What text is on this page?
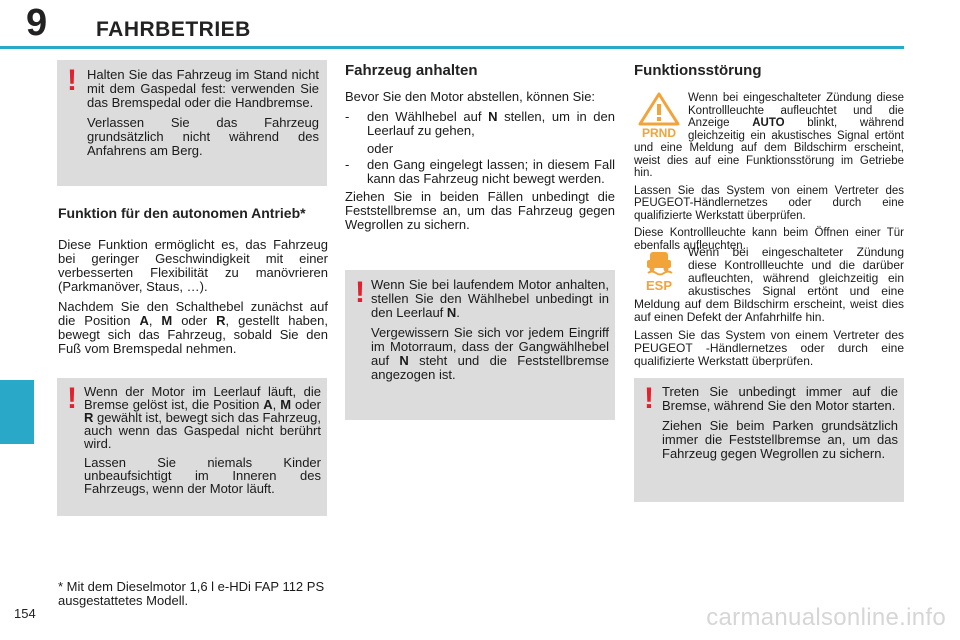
9 FAHRBETRIEB
! Halten Sie das Fahrzeug im Stand nicht mit dem Gaspedal fest: verwenden Sie das Bremspedal oder die Handbremse.

Verlassen Sie das Fahrzeug grundsätzlich nicht während des Anfahrens am Berg.

Funktion für den autonomen Antrieb*

Diese Funktion ermöglicht es, das Fahrzeug bei geringer Geschwindigkeit mit einer verbesserten Flexibilität zu manövrieren (Parkmanöver, Staus, …).

Nachdem Sie den Schalthebel zunächst auf die Position A, M oder R, gestellt haben, bewegt sich das Fahrzeug, sobald Sie den Fuß vom Bremspedal nehmen.

! Wenn der Motor im Leerlauf läuft, die Bremse gelöst ist, die Position A, M oder R gewählt ist, bewegt sich das Fahrzeug, auch wenn das Gaspedal nicht berührt wird.

Lassen Sie niemals Kinder unbeaufsichtigt im Inneren des Fahrzeugs, wenn der Motor läuft.

* Mit dem Dieselmotor 1,6 l e-HDi FAP 112 PS ausgestattetes Modell.
Fahrzeug anhalten

Bevor Sie den Motor abstellen, können Sie:

-	den Wählhebel auf N stellen, um in den Leerlauf zu gehen,

oder

-	den Gang eingelegt lassen; in diesem Fall kann das Fahrzeug nicht bewegt werden.

Ziehen Sie in beiden Fällen unbedingt die Feststellbremse an, um das Fahrzeug gegen Wegrollen zu sichern.

! Wenn Sie bei laufendem Motor anhalten, stellen Sie den Wählhebel unbedingt in den Leerlauf N.

Vergewissern Sie sich vor jedem Eingriff im Motorraum, dass der Gangwählhebel auf N steht und die Feststellbremse angezogen ist.

Funktionsstörung
PRND

Wenn bei eingeschalteter Zündung diese Kontrollleuchte aufleuchtet und die Anzeige AUTO blinkt, während gleichzeitig ein akustisches Signal ertönt und eine Meldung auf dem Bildschirm erscheint, weist dies auf eine Funktionsstörung im Getriebe hin.

Lassen Sie das System von einem Vertreter des PEUGEOT-Händlernetzes oder durch eine qualifizierte Werkstatt überprüfen.

Diese Kontrollleuchte kann beim Öffnen einer Tür ebenfalls aufleuchten.

ESP

Wenn bei eingeschalteter Zündung diese Kontrollleuchte und die darüber aufleuchten, während gleichzeitig ein akustisches Signal ertönt und eine Meldung auf dem Bildschirm erscheint, weist dies auf einen Defekt der Anfahrhilfe hin.

Lassen Sie das System von einem Vertreter des PEUGEOT -Händlernetzes oder durch eine qualifizierte Werkstatt überprüfen.

! Treten Sie unbedingt immer auf die Bremse, während Sie den Motor starten.

Ziehen Sie beim Parken grundsätzlich immer die Feststellbremse an, um das Fahrzeug gegen Wegrollen zu sichern.

154	carmanualsonline.info
